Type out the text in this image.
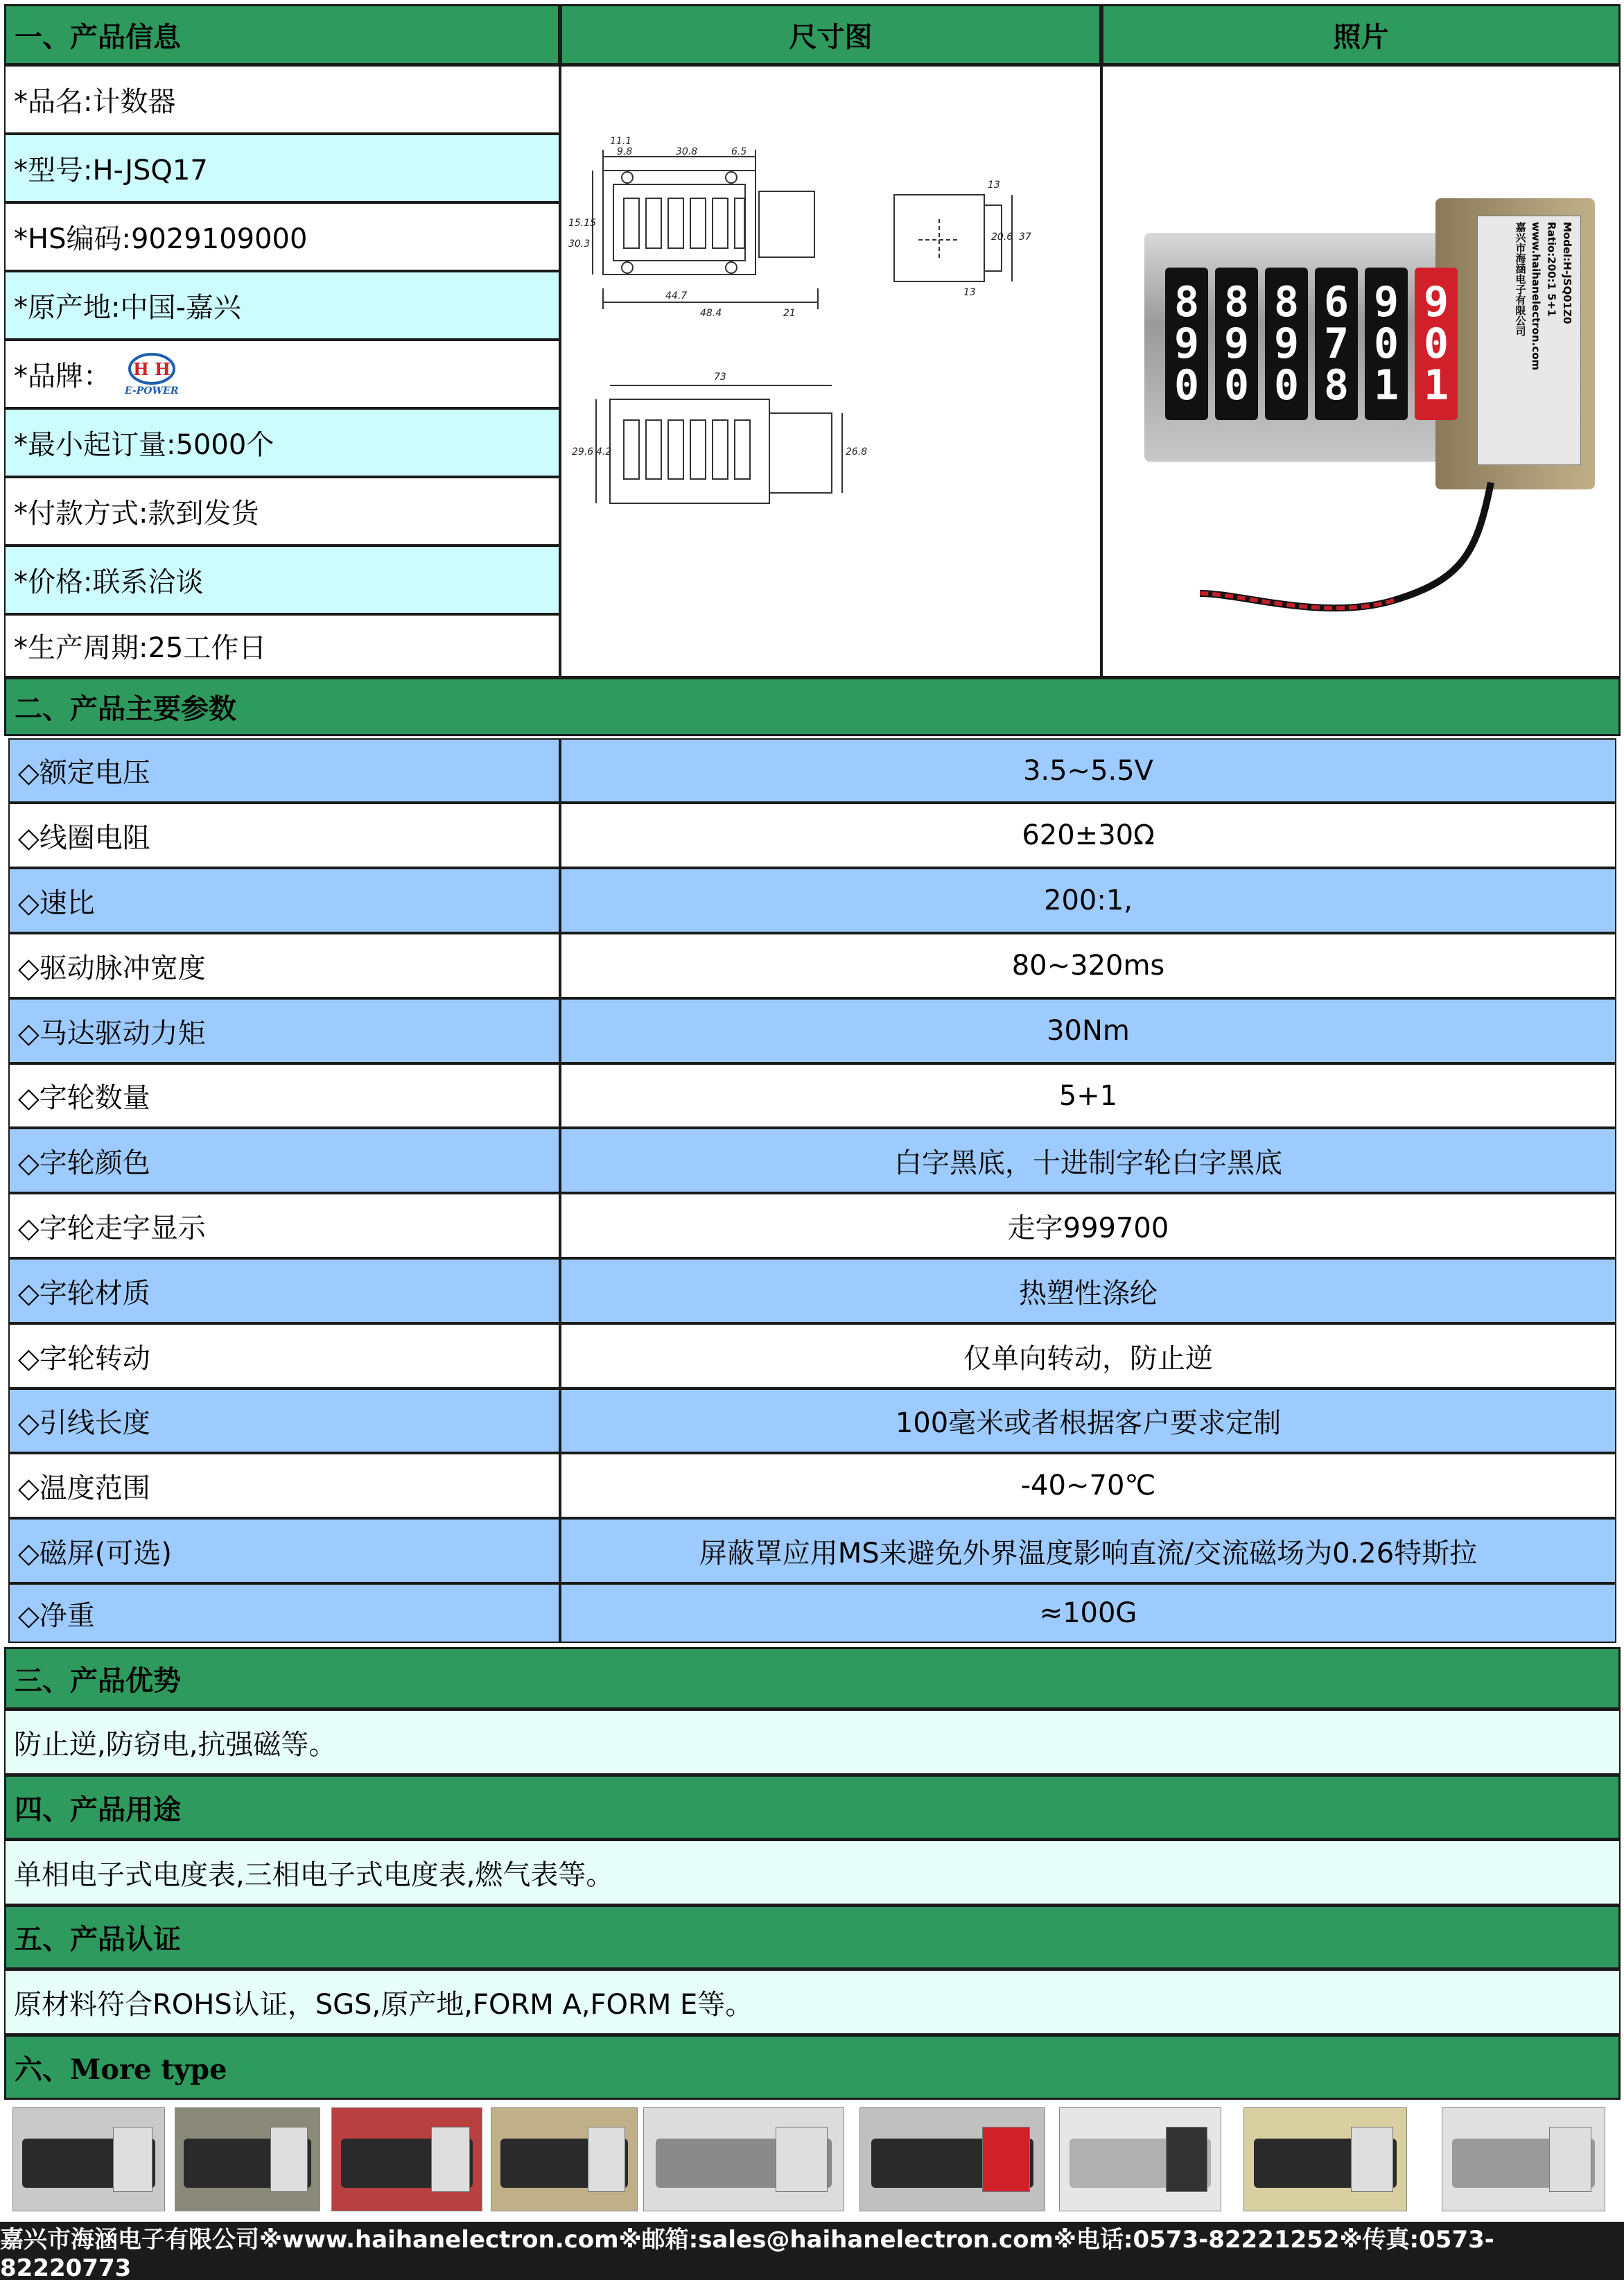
一、产品信息	尺寸图	照片
*品名:计数器
*型号:H-JSQ17
*HS编码:9029109000
*原产地:中国-嘉兴
*品牌： H H
E-POWER
*最小起订量:5000个
*付款方式:款到发货
*价格:联系洽谈
*生产周期:25工作日
11.1
9.8	30.8	6.5
44.7
48.4	21
15.15
30.3
13
20.6 37
13
73
29.6 4.2	26.8
Model:H-JSQ01Z0
Ratio:200:1 5+1
www.haihanelectron.com
嘉兴市海涵电子有限公司
8
9
0
8
9
0
8
9
0
6
7
8
9
0
1
9
0
1
二、产品主要参数
◇额定电压	3.5~5.5V
◇线圈电阻	620±30Ω
◇速比	200:1,
◇驱动脉冲宽度	80~320ms
◇马达驱动力矩	30Nm
◇字轮数量	5+1
◇字轮颜色	白字黑底，十进制字轮白字黑底
◇字轮走字显示	走字999700
◇字轮材质	热塑性涤纶
◇字轮转动	仅单向转动，防止逆
◇引线长度	100毫米或者根据客户要求定制
◇温度范围	-40~70℃
◇磁屏(可选)	屏蔽罩应用MS来避免外界温度影响直流/交流磁场为0.26特斯拉
◇净重	≈100G
三、产品优势
防止逆,防窃电,抗强磁等。
四、产品用途
单相电子式电度表,三相电子式电度表,燃气表等。
五、产品认证
原材料符合ROHS认证，SGS,原产地,FORM A,FORM E等。
六、More type
嘉兴市海涵电子有限公司※www.haihanelectron.com※邮箱:sales@haihanelectron.com※电话:0573-82221252※传真:0573-82220773
